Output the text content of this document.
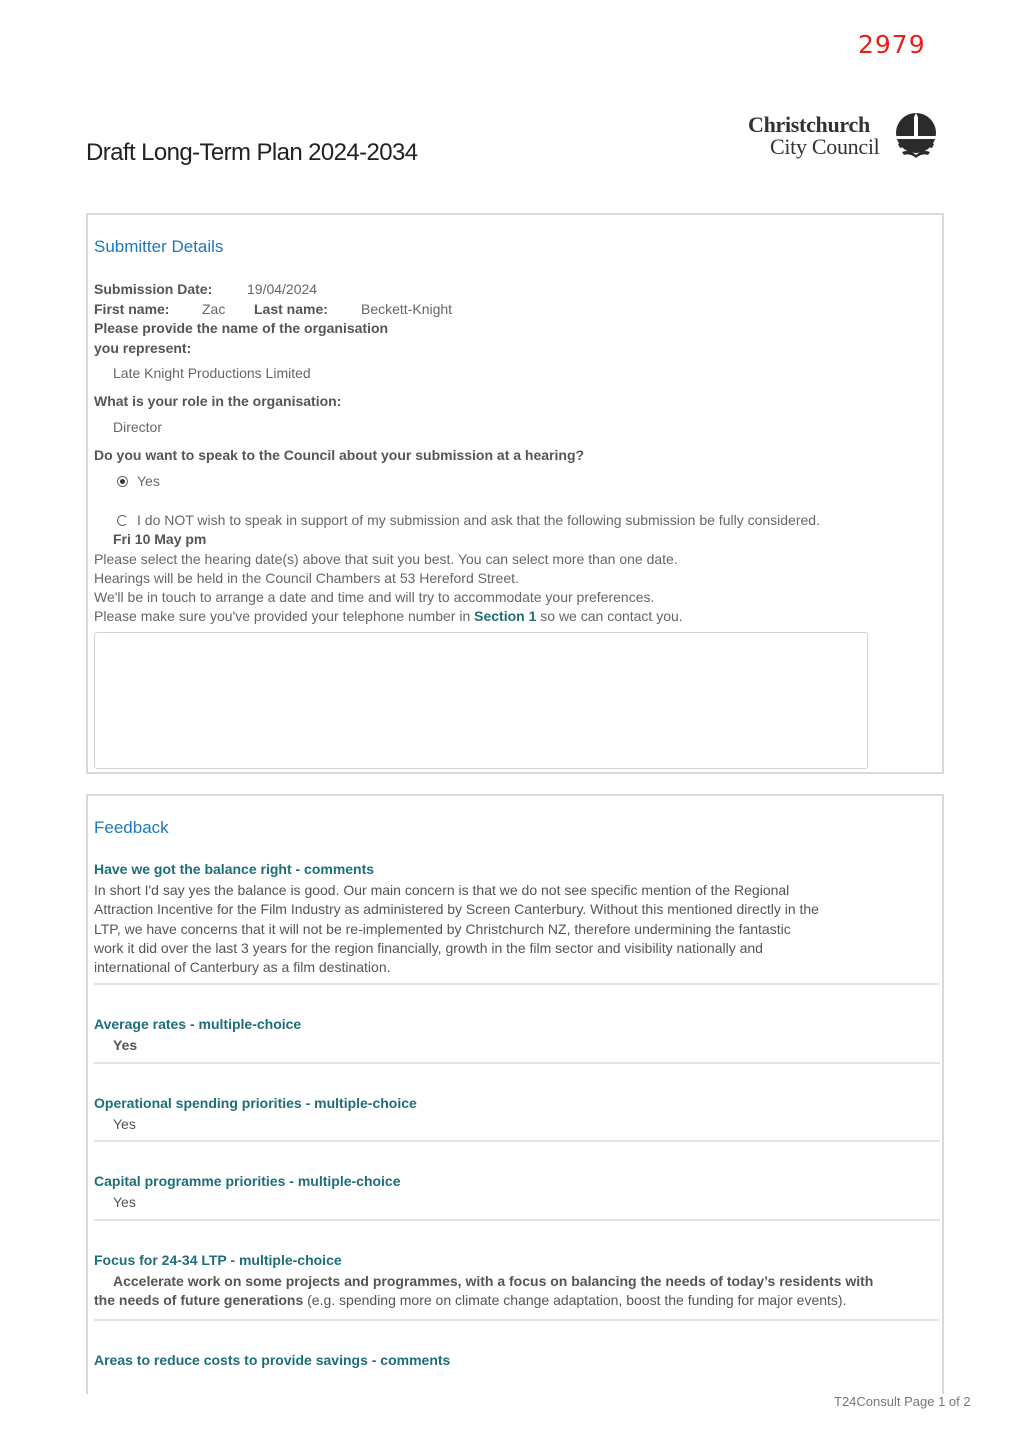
2979
Draft Long-Term Plan 2024-2034
Christchurch
City Council
Submitter Details
Submission Date: 19/04/2024
First name: Zac Last name: Beckett-Knight
Please provide the name of the organisation
you represent:
Late Knight Productions Limited
What is your role in the organisation:
Director
Do you want to speak to the Council about your submission at a hearing?
Yes
I do NOT wish to speak in support of my submission and ask that the following submission be fully considered.
Fri 10 May pm
Please select the hearing date(s) above that suit you best. You can select more than one date.
Hearings will be held in the Council Chambers at 53 Hereford Street.
We'll be in touch to arrange a date and time and will try to accommodate your preferences.
Please make sure you've provided your telephone number in Section 1 so we can contact you.
Feedback
Have we got the balance right - comments
In short I'd say yes the balance is good. Our main concern is that we do not see specific mention of the Regional
Attraction Incentive for the Film Industry as administered by Screen Canterbury. Without this mentioned directly in the
LTP, we have concerns that it will not be re-implemented by Christchurch NZ, therefore undermining the fantastic
work it did over the last 3 years for the region financially, growth in the film sector and visibility nationally and
international of Canterbury as a film destination.
Average rates - multiple-choice
Yes
Operational spending priorities - multiple-choice
Yes
Capital programme priorities - multiple-choice
Yes
Focus for 24-34 LTP - multiple-choice
Accelerate work on some projects and programmes, with a focus on balancing the needs of today’s residents with
the needs of future generations (e.g. spending more on climate change adaptation, boost the funding for major events).
Areas to reduce costs to provide savings - comments
T24Consult Page 1 of 2
